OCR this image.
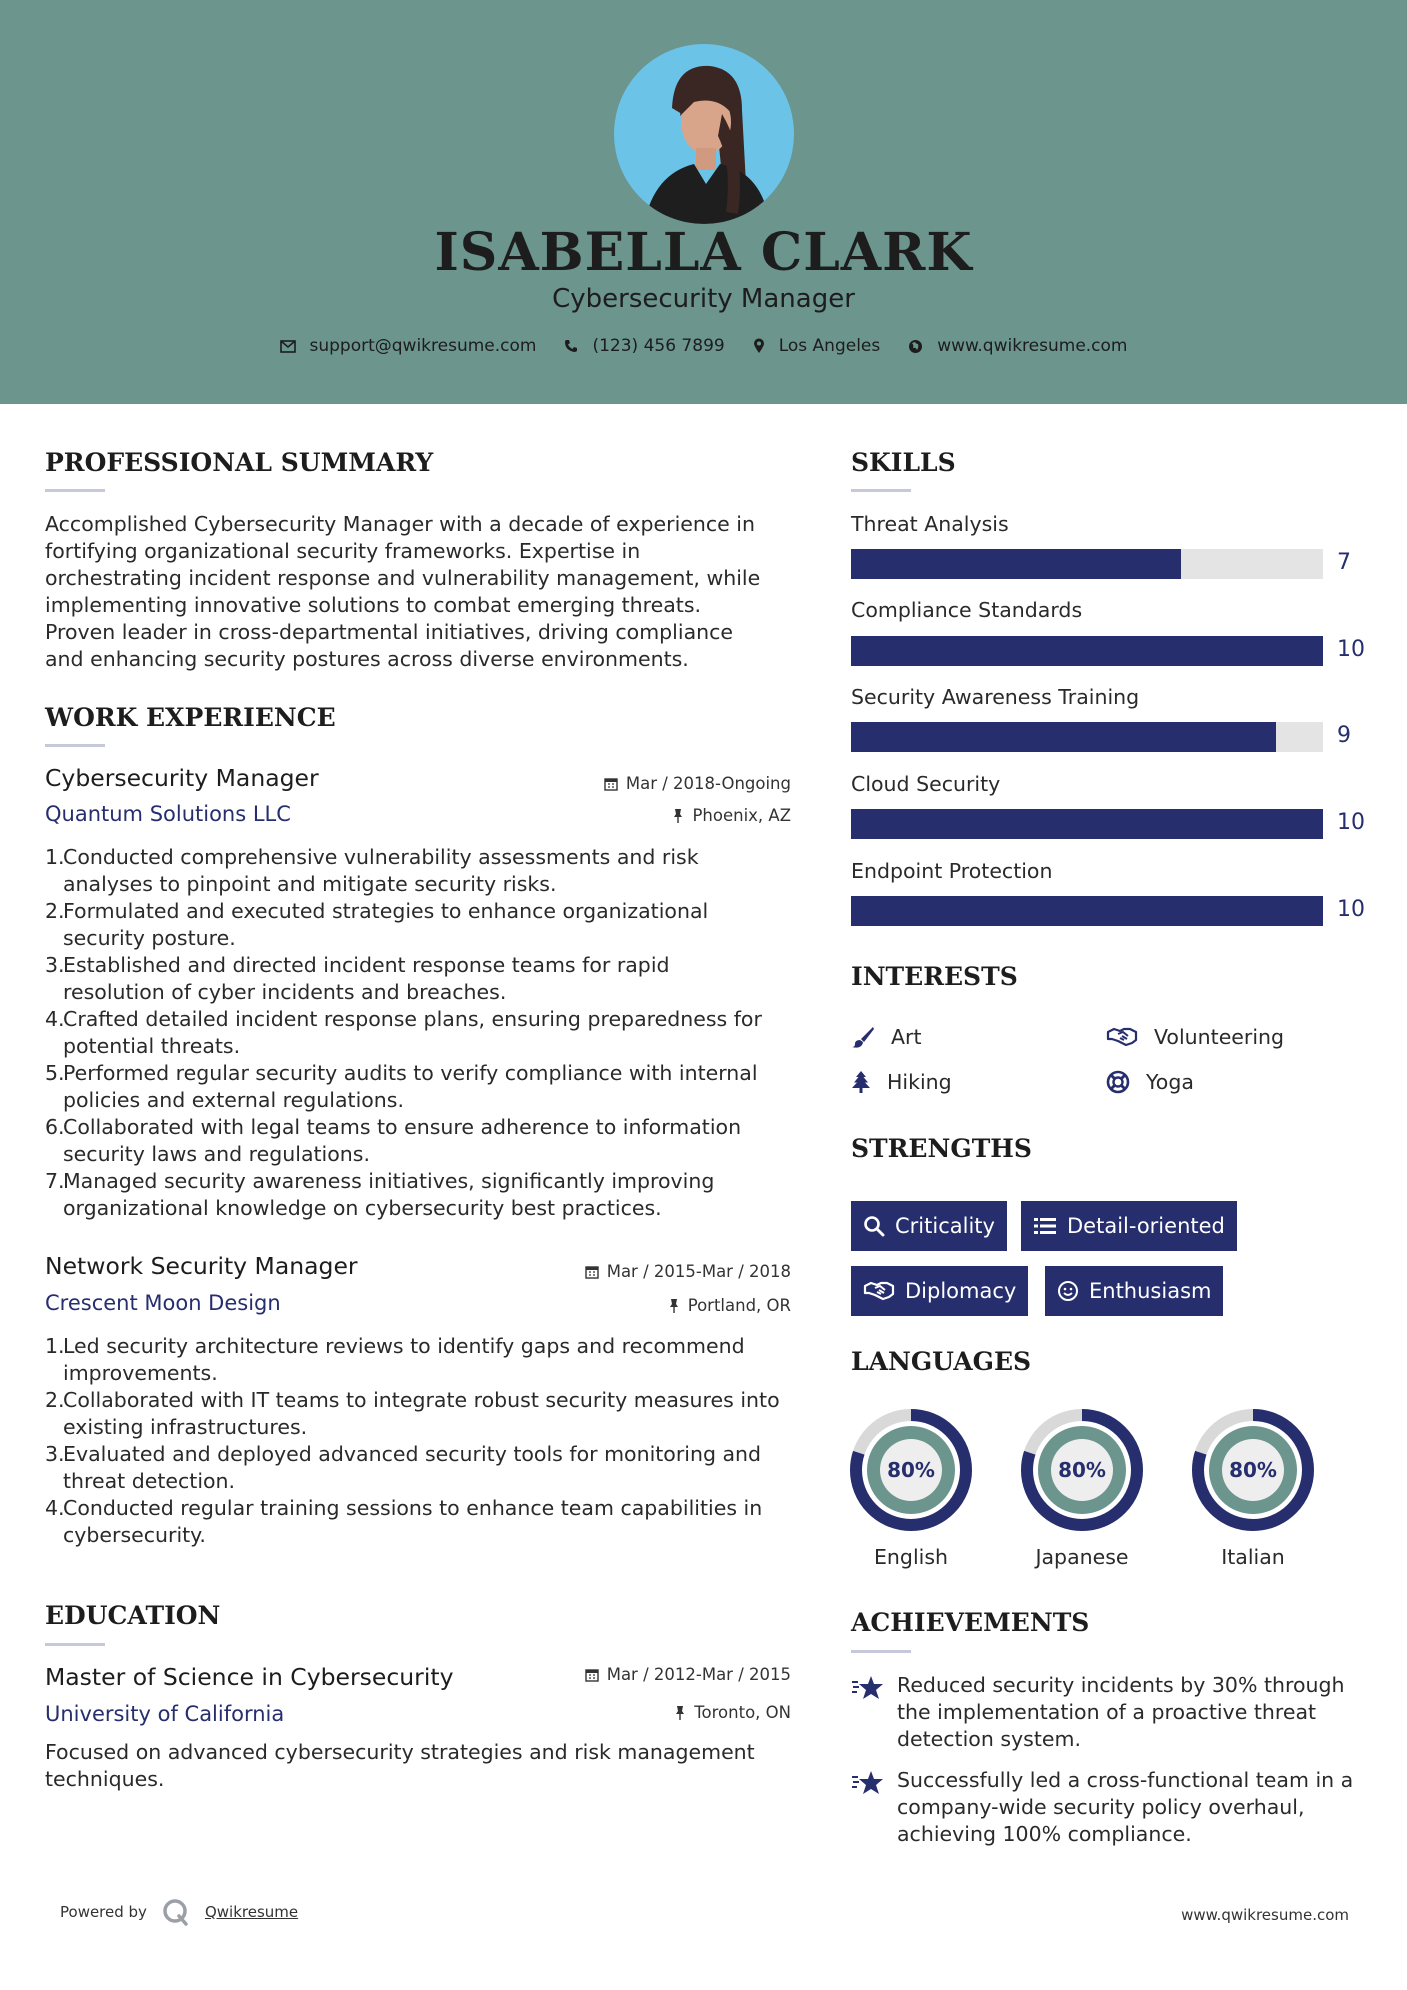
ISABELLA CLARK
Cybersecurity Manager
support@qwikresume.com	(123) 456 7899	Los Angeles	www.qwikresume.com
PROFESSIONAL SUMMARY
Accomplished Cybersecurity Manager with a decade of experience in
fortifying organizational security frameworks. Expertise in
orchestrating incident response and vulnerability management, while
implementing innovative solutions to combat emerging threats.
Proven leader in cross-departmental initiatives, driving compliance
and enhancing security postures across diverse environments.
WORK EXPERIENCE
Cybersecurity Manager
Quantum Solutions LLC
Mar / 2018-Ongoing
Phoenix, AZ
1.
Conducted comprehensive vulnerability assessments and risk
analyses to pinpoint and mitigate security risks.
2.
Formulated and executed strategies to enhance organizational
security posture.
3.
Established and directed incident response teams for rapid
resolution of cyber incidents and breaches.
4.
Crafted detailed incident response plans, ensuring preparedness for
potential threats.
5.
Performed regular security audits to verify compliance with internal
policies and external regulations.
6.
Collaborated with legal teams to ensure adherence to information
security laws and regulations.
7.
Managed security awareness initiatives, significantly improving
organizational knowledge on cybersecurity best practices.
Network Security Manager
Crescent Moon Design
Mar / 2015-Mar / 2018
Portland, OR
1.
Led security architecture reviews to identify gaps and recommend
improvements.
2.
Collaborated with IT teams to integrate robust security measures into
existing infrastructures.
3.
Evaluated and deployed advanced security tools for monitoring and
threat detection.
4.
Conducted regular training sessions to enhance team capabilities in
cybersecurity.
EDUCATION
Master of Science in Cybersecurity
University of California
Mar / 2012-Mar / 2015
Toronto, ON
Focused on advanced cybersecurity strategies and risk management
techniques.
SKILLS
Threat Analysis
7
Compliance Standards
10
Security Awareness Training
9
Cloud Security
10
Endpoint Protection
10
INTERESTS
Art	Volunteering
Hiking	Yoga
STRENGTHS
Criticality	Detail-oriented
Diplomacy	Enthusiasm
LANGUAGES
80%
English
80%
Japanese
80%
Italian
ACHIEVEMENTS
Reduced security incidents by 30% through
the implementation of a proactive threat
detection system.
Successfully led a cross-functional team in a
company-wide security policy overhaul,
achieving 100% compliance.
Powered by	Qwikresume	www.qwikresume.com
